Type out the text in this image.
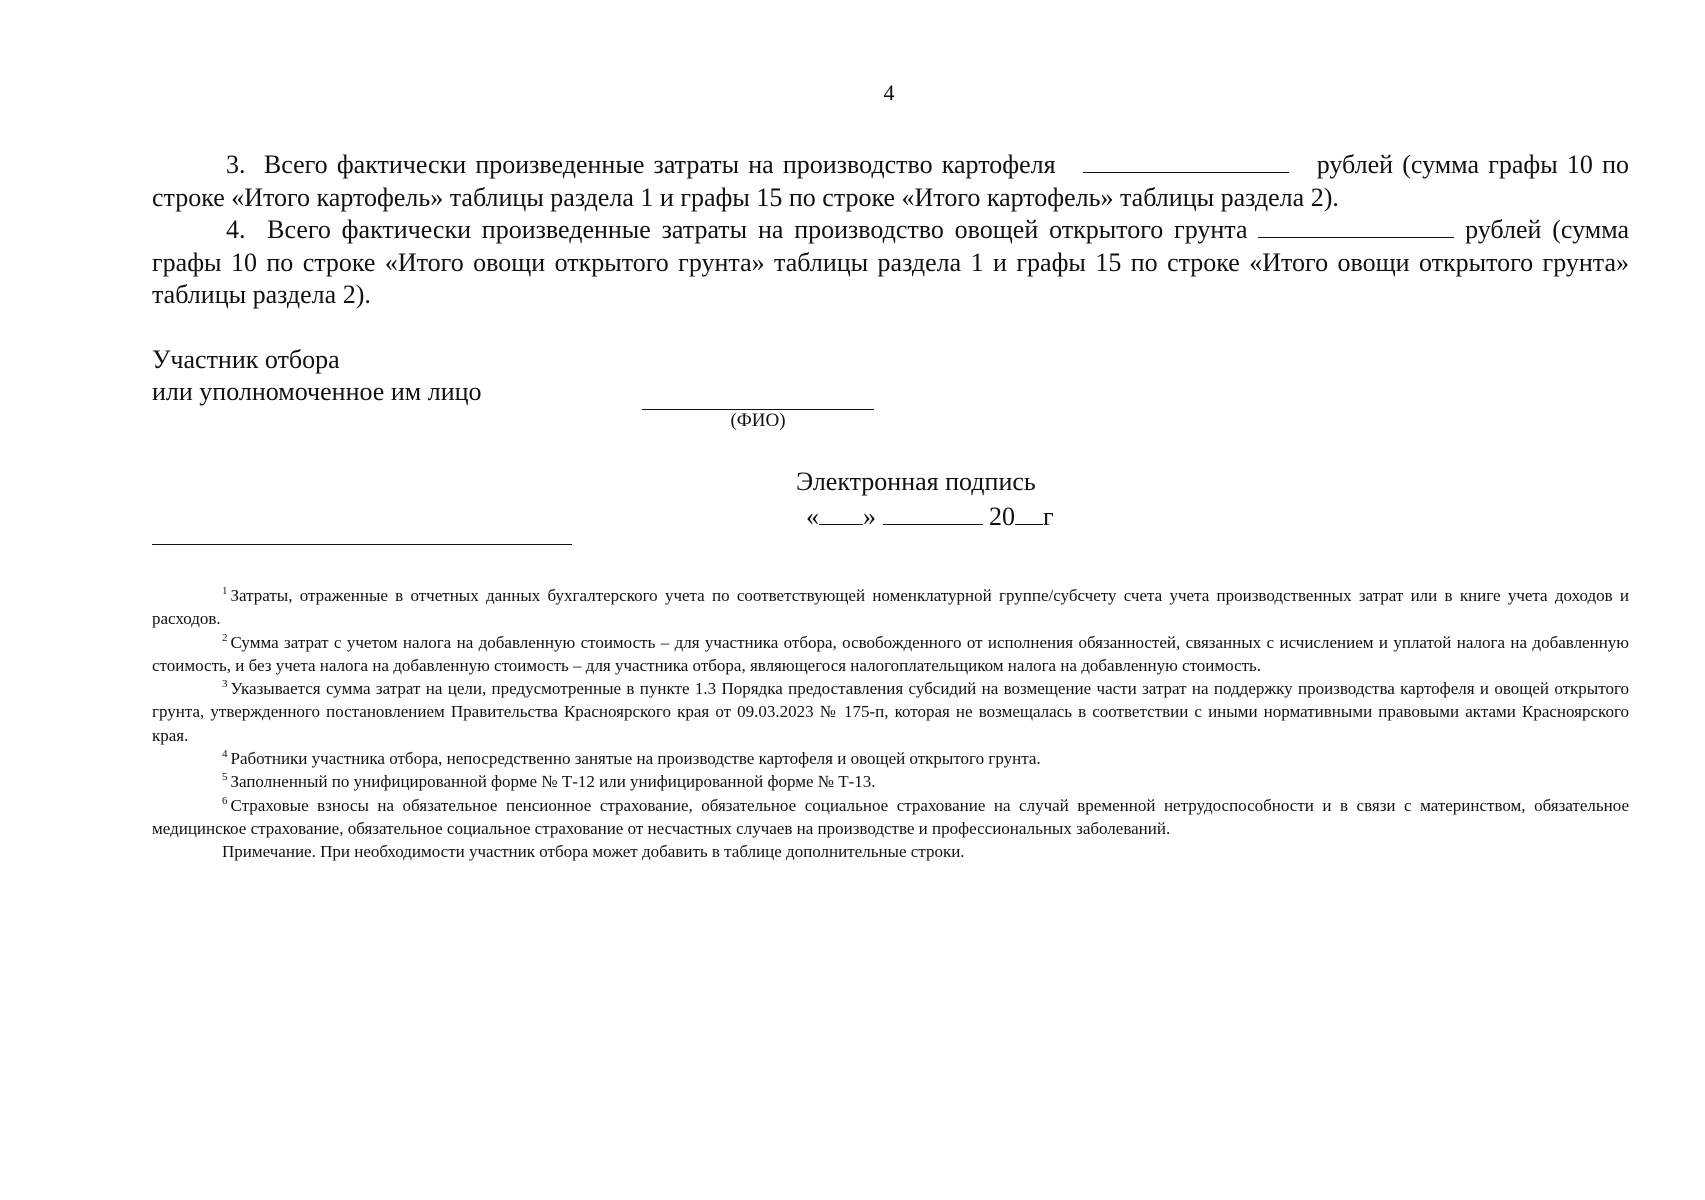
4

3. Всего фактически произведенные затраты на производство картофеля	рублей (сумма графы 10 по строке «Итого картофель» таблицы раздела 1 и графы 15 по строке «Итого картофель» таблицы раздела 2).

4. Всего фактически произведенные затраты на производство овощей открытого грунта	рублей (сумма графы 10 по строке «Итого овощи открытого грунта» таблицы раздела 1 и графы 15 по строке «Итого овощи открытого грунта» таблицы раздела 2).

Участник отбора
или уполномоченное им лицо
(ФИО)
Электронная подпись
« »	20 г

$^1$ Затраты, отраженные в отчетных данных бухгалтерского учета по соответствующей номенклатурной группе/субсчету счета учета производственных затрат или в книге учета доходов и расходов.

$^2$ Сумма затрат с учетом налога на добавленную стоимость – для участника отбора, освобожденного от исполнения обязанностей, связанных с исчислением и уплатой налога на добавленную стоимость, и без учета налога на добавленную стоимость – для участника отбора, являющегося налогоплательщиком налога на добавленную стоимость.

$^3$ Указывается сумма затрат на цели, предусмотренные в пункте 1.3 Порядка предоставления субсидий на возмещение части затрат на поддержку производства картофеля и овощей открытого грунта, утвержденного постановлением Правительства Красноярского края от 09.03.2023 № 175-п, которая не возмещалась в соответствии с иными нормативными правовыми актами Красноярского края.

$^4$ Работники участника отбора, непосредственно занятые на производстве картофеля и овощей открытого грунта.

$^5$ Заполненный по унифицированной форме № Т-12 или унифицированной форме № Т-13.

$^6$ Страховые взносы на обязательное пенсионное страхование, обязательное социальное страхование на случай временной нетрудоспособности и в связи с материнством, обязательное медицинское страхование, обязательное социальное страхование от несчастных случаев на производстве и профессиональных заболеваний.

Примечание. При необходимости участник отбора может добавить в таблице дополнительные строки.
